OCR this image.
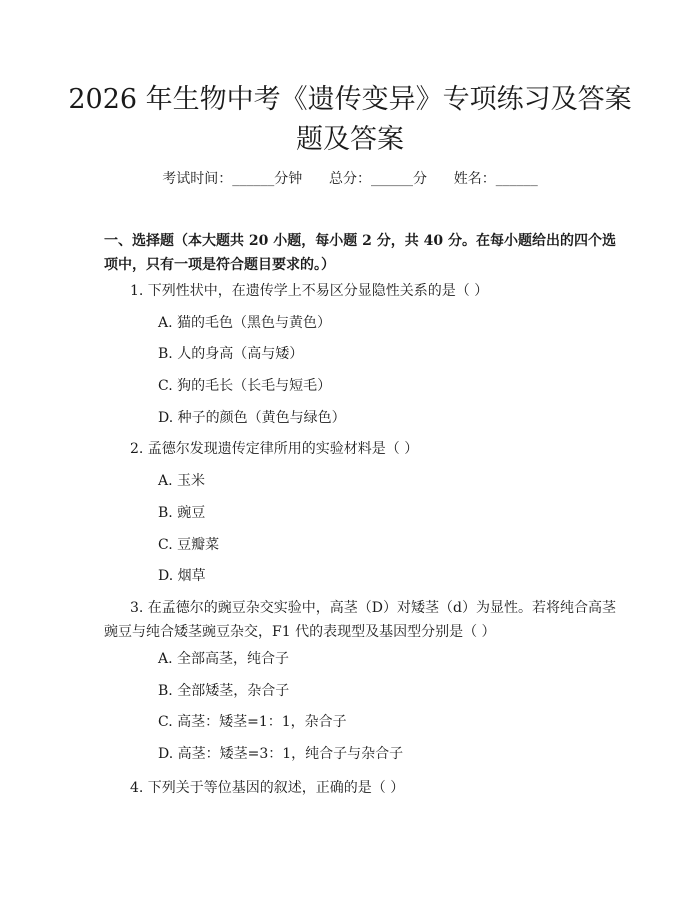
2026 年生物中考《遗传变异》专项练习及答案题及答案
考试时间：______分钟 总分：______分 姓名：______

一、选择题（本大题共 20 小题，每小题 2 分，共 40 分。在每小题给出的四个选项中，只有一项是符合题目要求的。）

1. 下列性状中，在遗传学上不易区分显隐性关系的是（ ）

A. 猫的毛色（黑色与黄色）

B. 人的身高（高与矮）

C. 狗的毛长（长毛与短毛）

D. 种子的颜色（黄色与绿色）

2. 孟德尔发现遗传定律所用的实验材料是（ ）

A. 玉米

B. 豌豆

C. 豆瓣菜

D. 烟草

3. 在孟德尔的豌豆杂交实验中，高茎（D）对矮茎（d）为显性。若将纯合高茎豌豆与纯合矮茎豌豆杂交，F1 代的表现型及基因型分别是（ ）

A. 全部高茎，纯合子

B. 全部矮茎，杂合子

C. 高茎：矮茎=1：1，杂合子

D. 高茎：矮茎=3：1，纯合子与杂合子

4. 下列关于等位基因的叙述，正确的是（ ）
